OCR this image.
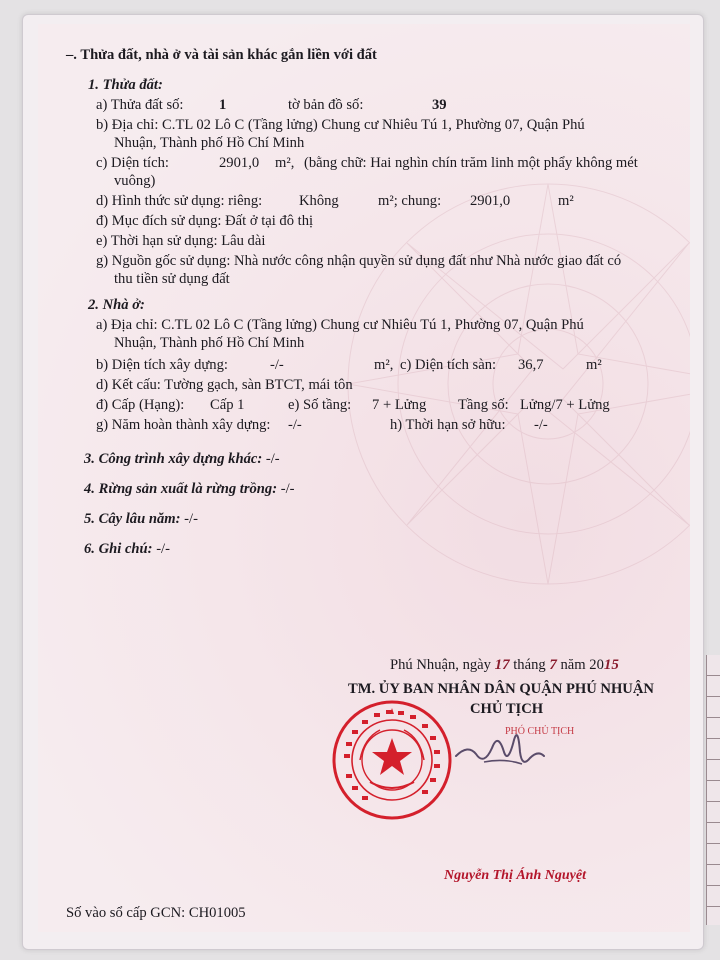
–. Thửa đất, nhà ở và tài sản khác gắn liền với đất
1. Thửa đất:
a) Thửa đất số: 1	tờ bản đồ số:	39
b) Địa chỉ: C.TL 02 Lô C (Tầng lửng) Chung cư Nhiêu Tú 1, Phường 07, Quận Phú
Nhuận, Thành phố Hồ Chí Minh
c) Diện tích:	2901,0 m², (bằng chữ: Hai nghìn chín trăm linh một phẩy không mét
vuông)
d) Hình thức sử dụng: riêng:	Không	m²; chung: 2901,0	m²
đ) Mục đích sử dụng: Đất ở tại đô thị
e) Thời hạn sử dụng: Lâu dài
g) Nguồn gốc sử dụng: Nhà nước công nhận quyền sử dụng đất như Nhà nước giao đất có
thu tiền sử dụng đất
2. Nhà ở:
a) Địa chỉ: C.TL 02 Lô C (Tầng lửng) Chung cư Nhiêu Tú 1, Phường 07, Quận Phú
Nhuận, Thành phố Hồ Chí Minh
b) Diện tích xây dựng:	-/-	m², c) Diện tích sàn: 36,7	m²
d) Kết cấu: Tường gạch, sàn BTCT, mái tôn
đ) Cấp (Hạng): Cấp 1	e) Số tầng: 7 + Lửng Tầng số: Lửng/7 + Lửng
g) Năm hoàn thành xây dựng: -/-	h) Thời hạn sở hữu: -/-
3. Công trình xây dựng khác: -/-
4. Rừng sản xuất là rừng trồng: -/-
5. Cây lâu năm: -/-
6. Ghi chú: -/-
Phú Nhuận, ngày 17 tháng 7 năm 2015
TM. ỦY BAN NHÂN DÂN QUẬN PHÚ NHUẬN
CHỦ TỊCH
Số vào sổ cấp GCN: CH01005
PHÓ CHỦ TỊCH
Nguyễn Thị Ánh Nguyệt
